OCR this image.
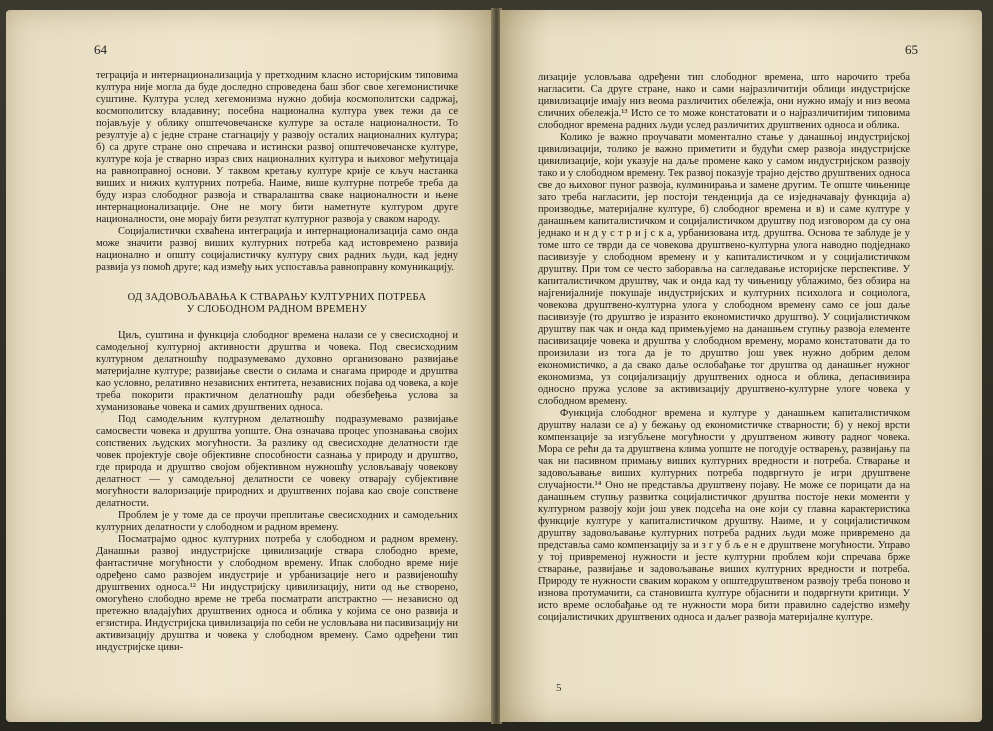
64

теграција и интернационализација у претходним класно историјским типовима култура није могла да буде доследно спроведена баш због свое хегемонистичке суштине. Култура услед хегемонизма нужно добија космополитски садржај, космополитску владавину; посебна национална култура увек тежи да се појављује у облику општечовечанске културе за остале националности. То резултује а) с једне стране стагнацију у развоју осталих националних култура; б) са друге стране оно спречава и истински развој општечовечанске културе, културе која је стварно израз свих националних култура и њиховог међутицаја на равноправној основи. У таквом кретању културе крије се кључ настанка виших и нижих културних потреба. Наиме, више културне потребе треба да буду израз слободног развоја и стваралаштва сваке националности и њене интернационализације. Оне не могу бити наметнуте културом друге националности, оне морају бити резултат културног развоја у сваком народу.

Социјалистички схваћена интеграција и интернационализација само онда може значити развој виших културних потреба кад истовремено развија национално и општу социјалистичку културу свих радних људи, кад једну развија уз помоћ друге; кад између њих успоставља равноправну комуникацију.

ОД ЗАДОВОЉАВАЊА К СТВАРАЊУ КУЛТУРНИХ ПОТРЕБА
У СЛОБОДНОМ РАДНОМ ВРЕМЕНУ

Циљ, суштина и функција слободног времена налази се у свесисходној и самодељној културној активности друштва и човека. Под свесисходним културном делатношћу подразумевамо духовно организовано развијање материјалне културе; развијање свести о силама и снагама природе и друштва као условно, релативно независних ентитета, независних појава од човека, а које треба покорити практичном делатношћу ради обезбеђења услова за хуманизовање човека и самих друштвених односа.

Под самодељним културном делатношћу подразумевамо развијање самосвести човека и друштва уопште. Она означава процес упознавања својих сопствених људских могућности. За разлику од свесисходне делатности где човек пројектује своје објективне способности сазнања у природу и друштво, где природа и друштво својом објективном нужношћу условљавају човекову делатност — у самодељној делатности се човеку отварају субјективне могућности валоризације природних и друштвених појава као своје сопствене делатности.

Проблем је у томе да се проучи преплитање свесисходних и самодељних културних делатности у слободном и радном времену.

Посматрајмо однос културних потреба у слободном и радном времену. Данашњи развој индустријске цивилизације ствара слободно време, фантастичне могућности у слободном времену. Ипак слободно време није одређено само развојем индустрије и урбанизације него и развијеношћу друштвених односа.¹² Ни индустријску цивилизацију, нити од ње створено, омогућено слободно време не треба посматрати апстрактно — независно од претежно владајућих друштвених односа и облика у којима се оно развија и егзистира. Индустријска цивилизација по себи не условљава ни пасивизацију ни активизацију друштва и човека у слободном времену. Само одређени тип индустријске циви-

65

лизације условљава одређени тип слободног времена, што нарочито треба нагласити. Са друге стране, нако и сами најразличитији облици индустријске цивилизације имају низ веома различитих обележја, они нужно имају и низ веома сличних обележја.¹³ Исто се то може констатовати и о најразличитијим типовима слободног времена радних људи услед различитих друштвених односа и облика.

Колико је важно проучавати моментално стање у данашњој индустријској цивилизацији, толико је важно приметити и будући смер развоја индустријске цивилизације, који указује на даље промене како у самом индустријском развоју тако и у слободном времену. Тек развој показује трајно дејство друштвених односа све до њиховог пуног развоја, кулминирања и замене другим. Те опште чињенице зато треба нагласити, јер постоји тенденција да се изједначавају функција а) производње, материјалне културе, б) слободног времена и в) и саме културе у данашњем капиталистичком и социјалистичком друштву под изговором да су она једнако и н д у с т р и ј с к а, урбанизована итд. друштва. Основа те заблуде је у томе што се тврди да се човекова друштвено-културна улога наводно подједнако пасивизује у слободном времену и у капиталистичком и у социјалистичком друштву. При том се често заборавља на сагледавање историјске перспективе. У капиталистичком друштву, чак и онда кад ту чињеницу ублажимо, без обзира на најгенијалније покушаје индустријских и културних психолога и социолога, човекова друштвено-културна улога у слободном времену само се још даље пасивизује (то друштво је изразито економистичко друштво). У социјалистичком друштву пак чак и онда кад примењујемо на данашњем ступњу развоја елементе пасивизације човека и друштва у слободном времену, морамо констатовати да то произилази из тога да је то друштво још увек нужно добрим делом економистичко, а да свако даље ослобађање тог друштва од данашњег нужног економизма, уз социјализацију друштвених односа и облика, депасивизира односно пружа услове за активизацију друштвено-културне улоге човека у слободном времену.

Функција слободног времена и културе у данашњем капиталистичком друштву налази се а) у бежању од економистичке стварности; б) у некој врсти компензације за изгубљене могућности у друштвеном животу радног човека. Мора се рећи да та друштвена клима уопште не погодује остварењу, развијању па чак ни пасивном примању виших културних вредности и потреба. Стварање и задовољавање виших културних потреба подвргнуто је игри друштвене случајности.¹⁴ Оно не представља друштвену појаву. Не може се порицати да на данашњем ступњу развитка социјалистичког друштва постоје неки моменти у културном развоју који још увек подсећа на оне који су главна карактеристика функције културе у капиталистичком друштву. Наиме, и у социјалистичком друштву задовољавање културних потреба радних људи може привремено да представља само компензацију за и з г у б љ е н е друштвене могућности. Управо у тој привременој нужности и јесте културни проблем који спречава брже стварање, развијање и задовољавање виших културних вредности и потреба. Природу те нужности сваким кораком у општедруштвеном развоју треба поново и изнова протумачити, са становишта културе објаснити и подвргнути критици. У исто време ослобађање од те нужности мора бити правилно садејство између социјалистичких друштвених односа и даљег развоја материјалне културе.

5
